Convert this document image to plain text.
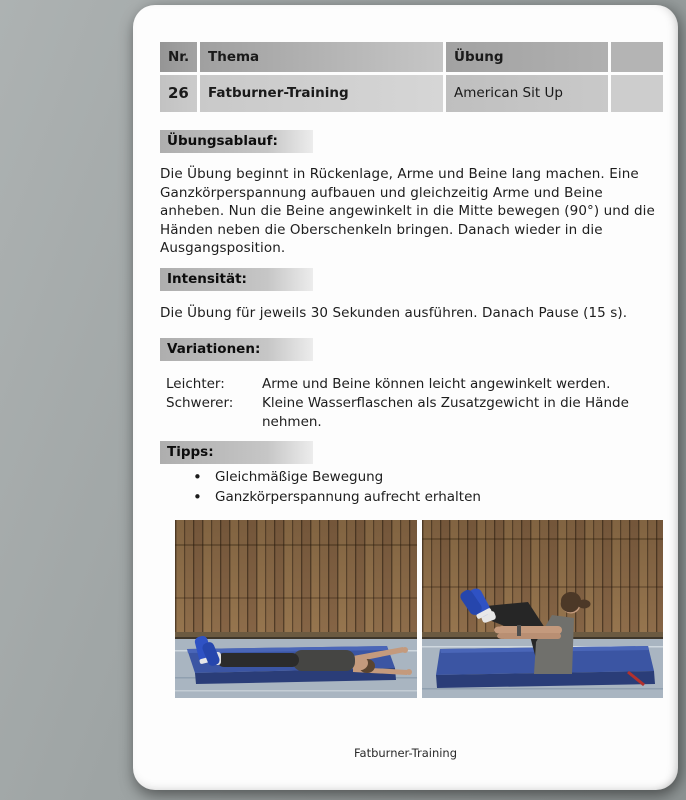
Nr.	Thema	Übung
26	Fatburner-Training	American Sit Up
Übungsablauf:

Die Übung beginnt in Rückenlage, Arme und Beine lang machen. Eine Ganzkörperspannung aufbauen und gleichzeitig Arme und Beine anheben. Nun die Beine angewinkelt in die Mitte bewegen (90°) und die Händen neben die Oberschenkeln bringen. Danach wieder in die Ausgangsposition.

Intensität:

Die Übung für jeweils 30 Sekunden ausführen. Danach Pause (15 s).

Variationen:
Leichter:	Arme und Beine können leicht angewinkelt werden.
Schwerer:	Kleine Wasserflaschen als Zusatzgewicht in die Hände nehmen.
Tipps:
• Gleichmäßige Bewegung
• Ganzkörperspannung aufrecht erhalten
Fatburner-Training
